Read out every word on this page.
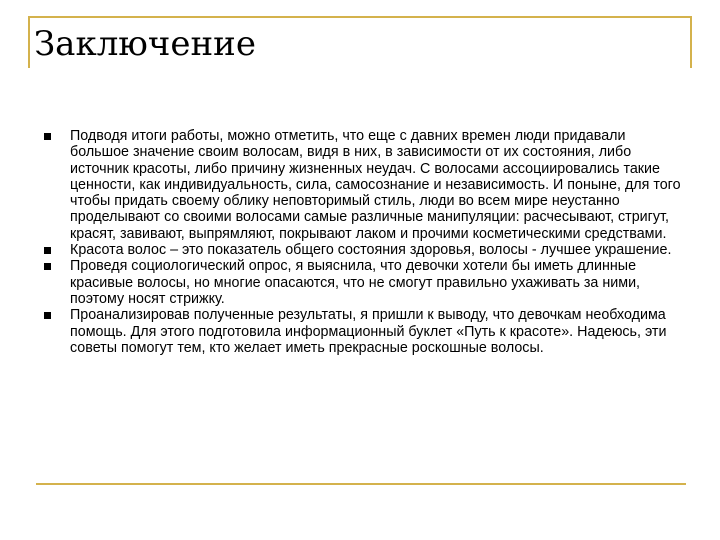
Заключение
Подводя итоги работы, можно отметить, что еще с давних времен люди придавали большое значение своим волосам, видя в них, в зависимости от их состояния, либо источник красоты, либо причину жизненных неудач. С волосами ассоциировались такие ценности, как индивидуальность, сила, самосознание и независимость. И поныне, для того чтобы придать своему облику неповторимый стиль, люди во всем мире неустанно проделывают со своими волосами самые различные манипуляции: расчесывают, стригут, красят, завивают, выпрямляют, покрывают лаком и прочими косметическими средствами.
Красота волос – это показатель общего состояния здоровья, волосы - лучшее украшение.
Проведя социологический опрос, я выяснила, что девочки хотели бы иметь длинные красивые волосы, но многие опасаются, что не смогут правильно ухаживать за ними, поэтому носят стрижку.
Проанализировав полученные результаты, я пришли к выводу, что девочкам необходима помощь. Для этого подготовила информационный буклет «Путь к красоте». Надеюсь, эти советы помогут тем, кто желает иметь прекрасные роскошные волосы.
